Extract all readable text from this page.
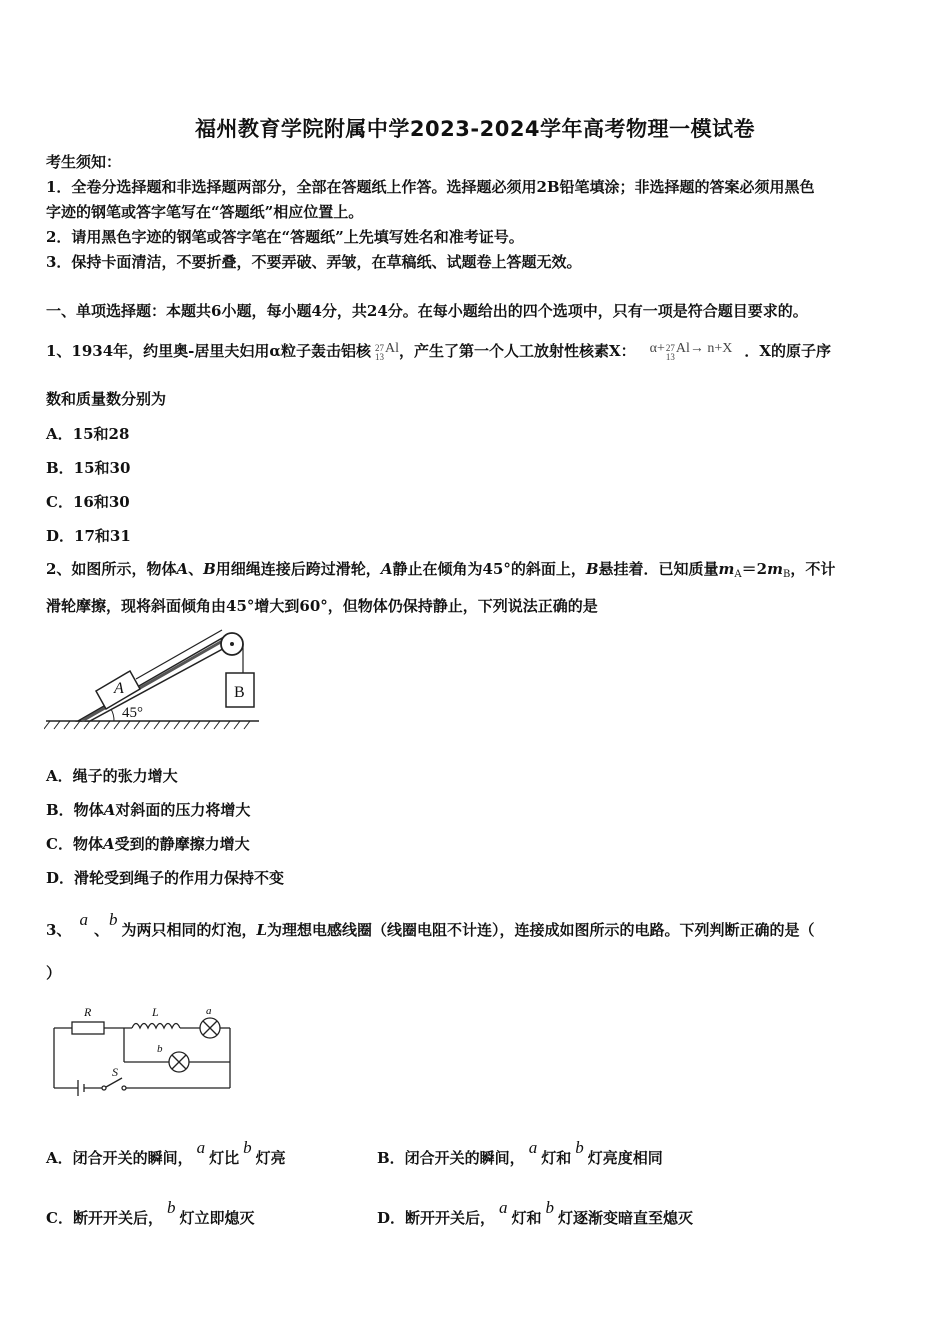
福州教育学院附属中学2023-2024学年高考物理一模试卷
考生须知：
1．全卷分选择题和非选择题两部分，全部在答题纸上作答。选择题必须用2B铅笔填涂；非选择题的答案必须用黑色
字迹的钢笔或答字笔写在“答题纸”相应位置上。
2．请用黑色字迹的钢笔或答字笔在“答题纸”上先填写姓名和准考证号。
3．保持卡面清洁，不要折叠，不要弄破、弄皱，在草稿纸、试题卷上答题无效。
一、单项选择题：本题共6小题，每小题4分，共24分。在每小题给出的四个选项中，只有一项是符合题目要求的。
1、1934年，约里奥-居里夫妇用α粒子轰击铝核 27
13Al，产生了第一个人工放射性核素X： α+27
13Al→ n+X ．X的原子序
数和质量数分别为
A．15和28
B．15和30
C．16和30
D．17和31
2、如图所示，物体A、B用细绳连接后跨过滑轮，A静止在倾角为45°的斜面上，B悬挂着．已知质量$m_A=2m_B$，不计
滑轮摩擦，现将斜面倾角由45°增大到60°，但物体仍保持静止，下列说法正确的是
A	B
45°
A．绳子的张力增大
B．物体A对斜面的压力将增大
C．物体A受到的静摩擦力增大
D．滑轮受到绳子的作用力保持不变
3、a、b为两只相同的灯泡，L为理想电感线圈（线圈电阻不计连），连接成如图所示的电路。下列判断正确的是（
）
R	L	a
b
S
A．闭合开关的瞬间，a灯比b灯亮	B．闭合开关的瞬间，a灯和b灯亮度相同
C．断开开关后，b灯立即熄灭	D．断开开关后，a灯和b灯逐渐变暗直至熄灭
